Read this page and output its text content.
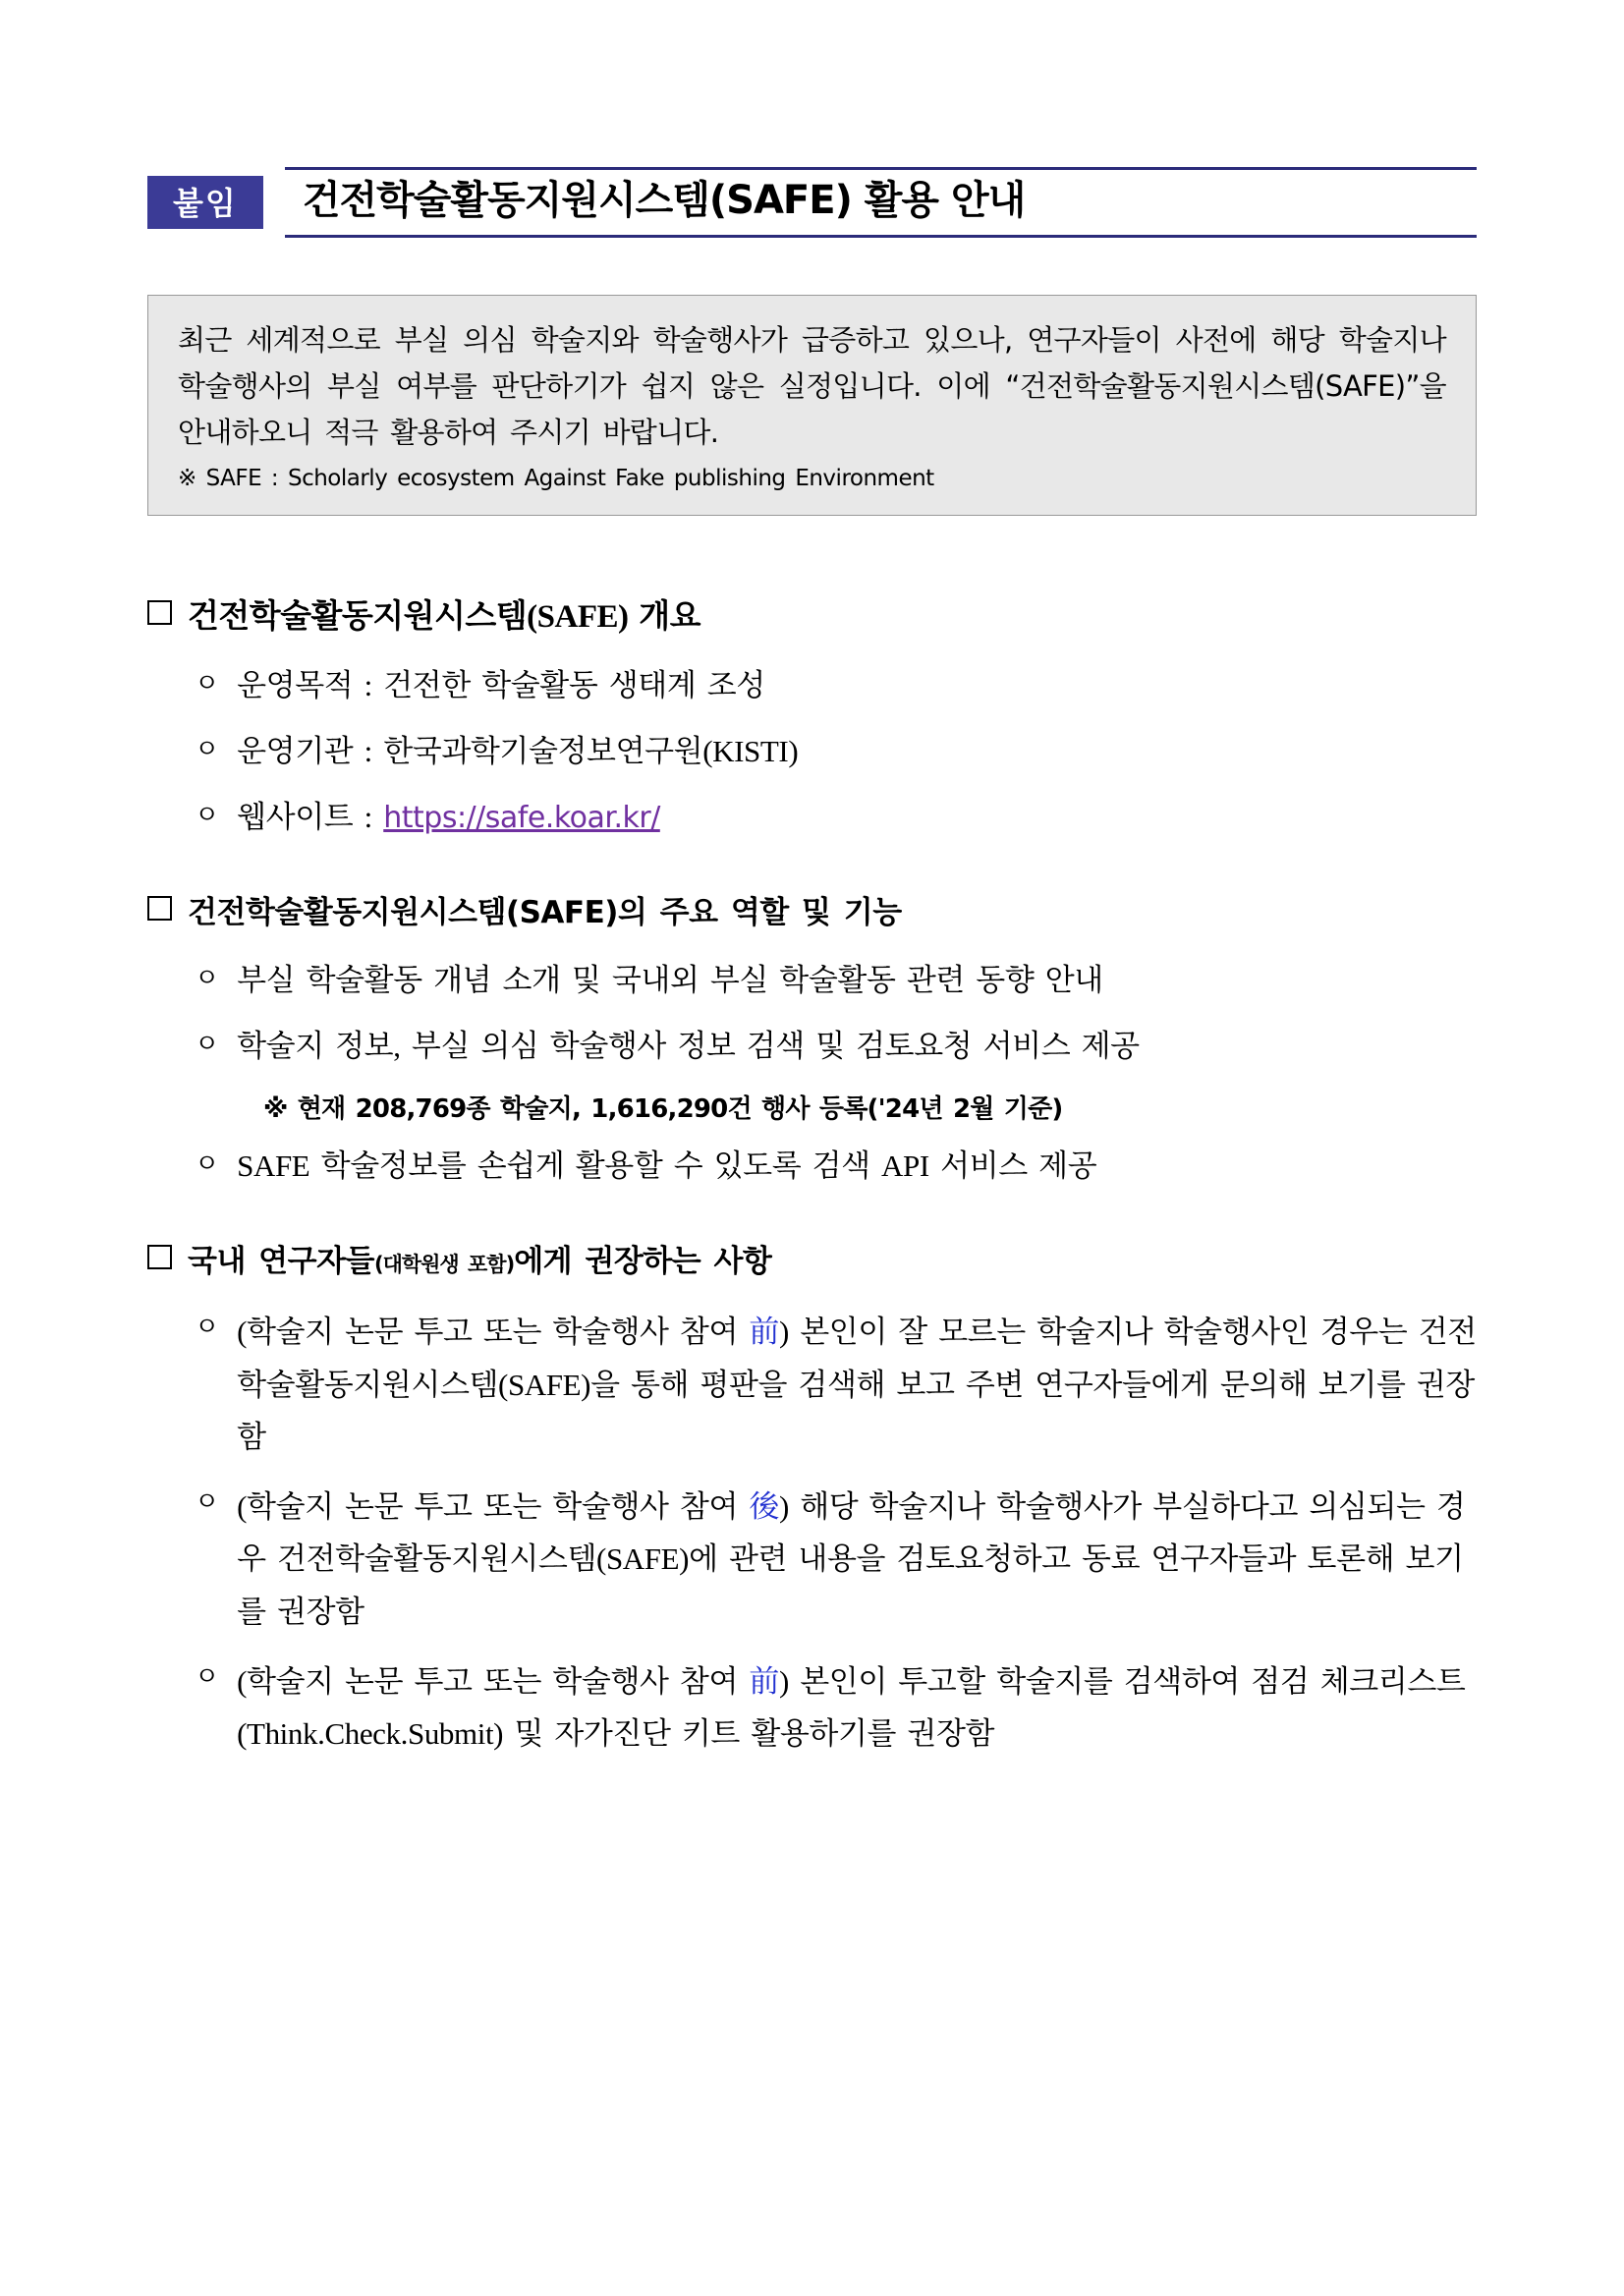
붙임	건전학술활동지원시스템(SAFE) 활용 안내

최근 세계적으로 부실 의심 학술지와 학술행사가 급증하고 있으나, 연구자들이 사전에 해당 학술지나 학술행사의 부실 여부를 판단하기가 쉽지 않은 실정입니다. 이에 “건전학술활동지원시스템(SAFE)”을 안내하오니 적극 활용하여 주시기 바랍니다.

※ SAFE : Scholarly ecosystem Against Fake publishing Environment

건전학술활동지원시스템(SAFE) 개요
ㅇ 운영목적 : 건전한 학술활동 생태계 조성
ㅇ 운영기관 : 한국과학기술정보연구원(KISTI)
ㅇ 웹사이트 : https://safe.koar.kr/
건전학술활동지원시스템(SAFE)의 주요 역할 및 기능
ㅇ 부실 학술활동 개념 소개 및 국내외 부실 학술활동 관련 동향 안내
ㅇ 학술지 정보, 부실 의심 학술행사 정보 검색 및 검토요청 서비스 제공
※ 현재 208,769종 학술지, 1,616,290건 행사 등록('24년 2월 기준)
ㅇ SAFE 학술정보를 손쉽게 활용할 수 있도록 검색 API 서비스 제공
국내 연구자들(대학원생 포함)에게 권장하는 사항
ㅇ (학술지 논문 투고 또는 학술행사 참여 前) 본인이 잘 모르는 학술지나 학술행사인 경우는 건전학술활동지원시스템(SAFE)을 통해 평판을 검색해 보고 주변 연구자들에게 문의해 보기를 권장함
ㅇ (학술지 논문 투고 또는 학술행사 참여 後) 해당 학술지나 학술행사가 부실하다고 의심되는 경우 건전학술활동지원시스템(SAFE)에 관련 내용을 검토요청하고 동료 연구자들과 토론해 보기를 권장함
ㅇ (학술지 논문 투고 또는 학술행사 참여 前) 본인이 투고할 학술지를 검색하여 점검 체크리스트(Think.Check.Submit) 및 자가진단 키트 활용하기를 권장함
